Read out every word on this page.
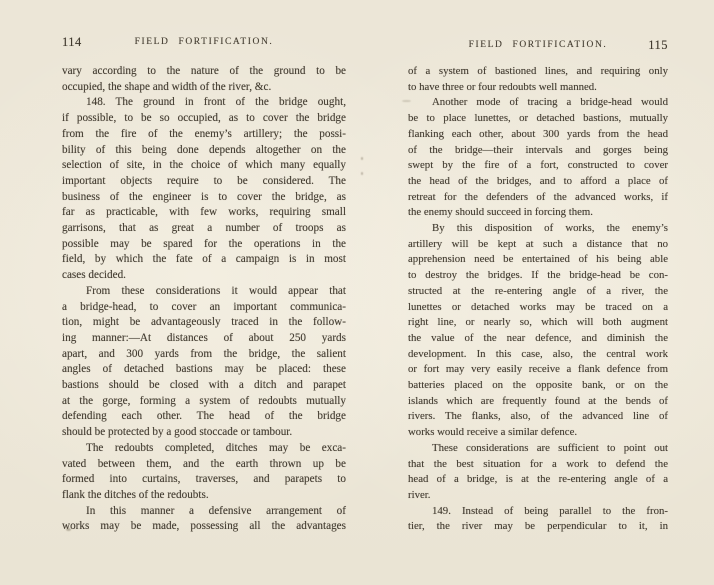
114	FIELD FORTIFICATION.
vary according to the nature of the ground to be
occupied, the shape and width of the river, &c.
148. The ground in front of the bridge ought,
if possible, to be so occupied, as to cover the bridge
from the fire of the enemy’s artillery; the possi-
bility of this being done depends altogether on the
selection of site, in the choice of which many equally
important objects require to be considered. The
business of the engineer is to cover the bridge, as
far as practicable, with few works, requiring small
garrisons, that as great a number of troops as
possible may be spared for the operations in the
field, by which the fate of a campaign is in most
cases decided.
From these considerations it would appear that
a bridge-head, to cover an important communica-
tion, might be advantageously traced in the follow-
ing manner:—At distances of about 250 yards
apart, and 300 yards from the bridge, the salient
angles of detached bastions may be placed: these
bastions should be closed with a ditch and parapet
at the gorge, forming a system of redoubts mutually
defending each other. The head of the bridge
should be protected by a good stoccade or tambour.
The redoubts completed, ditches may be exca-
vated between them, and the earth thrown up be
formed into curtains, traverses, and parapets to
flank the ditches of the redoubts.
In this manner a defensive arrangement of
works may be made, possessing all the advantages
FIELD FORTIFICATION.	115
of a system of bastioned lines, and requiring only
to have three or four redoubts well manned.
Another mode of tracing a bridge-head would
be to place lunettes, or detached bastions, mutually
flanking each other, about 300 yards from the head
of the bridge—their intervals and gorges being
swept by the fire of a fort, constructed to cover
the head of the bridges, and to afford a place of
retreat for the defenders of the advanced works, if
the enemy should succeed in forcing them.
By this disposition of works, the enemy’s
artillery will be kept at such a distance that no
apprehension need be entertained of his being able
to destroy the bridges. If the bridge-head be con-
structed at the re-entering angle of a river, the
lunettes or detached works may be traced on a
right line, or nearly so, which will both augment
the value of the near defence, and diminish the
development. In this case, also, the central work
or fort may very easily receive a flank defence from
batteries placed on the opposite bank, or on the
islands which are frequently found at the bends of
rivers. The flanks, also, of the advanced line of
works would receive a similar defence.
These considerations are sufficient to point out
that the best situation for a work to defend the
head of a bridge, is at the re-entering angle of a
river.
149. Instead of being parallel to the fron-
tier, the river may be perpendicular to it, in
